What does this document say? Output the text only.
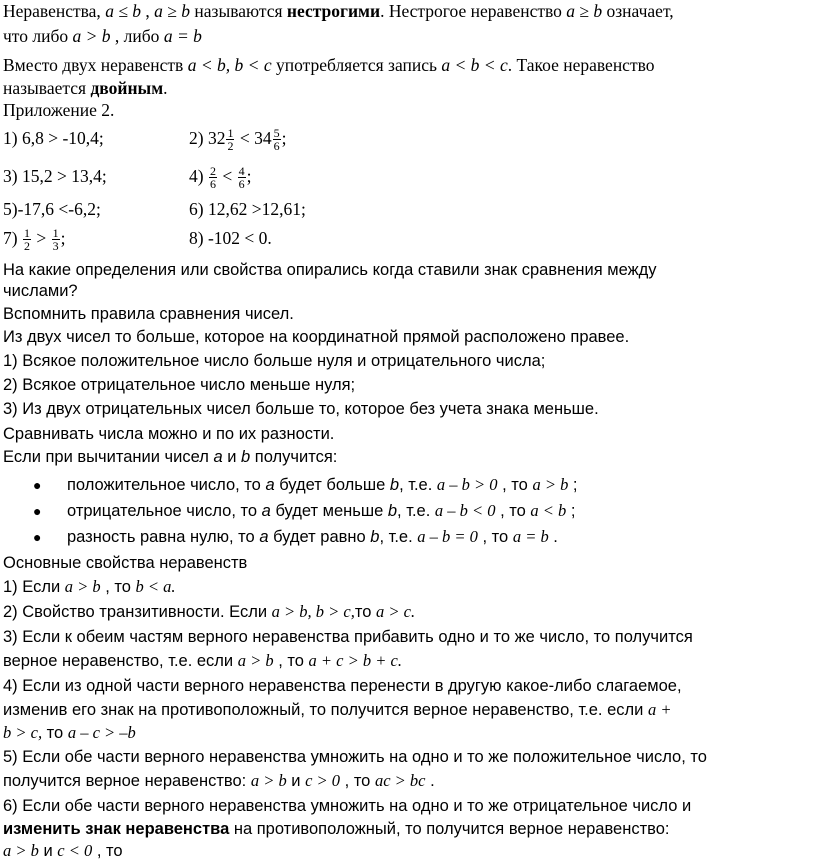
Неравенства, a ≤ b , a ≥ b называются нестрогими. Нестрогое неравенство a ≥ b означает,
что либо a > b , либо a = b
Вместо двух неравенств a < b, b < c употребляется запись a < b < c. Такое неравенство
называется двойным.
Приложение 2.
1) 6,8 > -10,4;	2) $32 \frac{1}{2} < 34 \frac{5}{6}$ ;
3) 15,2 > 13,4;	$4) \frac{2}{6} < \frac{4}{6}$ ;
5)-17,6 <-6,2;	6) 12,62 >12,61;
$7) \frac{1}{2} > \frac{1}{3}$ ;	8) -102 < 0.
На какие определения или свойства опирались когда ставили знак сравнения между
числами?
Вспомнить правила сравнения чисел.
Из двух чисел то больше, которое на координатной прямой расположено правее.
1) Всякое положительное число больше нуля и отрицательного числа;
2) Всякое отрицательное число меньше нуля;
3) Из двух отрицательных чисел больше то, которое без учета знака меньше.
Сравнивать числа можно и по их разности.
Если при вычитании чисел a и b получится:
● положительное число, то a будет больше b, т.е. a – b > 0 , то a > b ;
● отрицательное число, то a будет меньше b, т.е. a – b < 0 , то a < b ;
● разность равна нулю, то a будет равно b, т.е. a – b = 0 , то a = b .
Основные свойства неравенств
1) Если a > b , то b < a.
2) Свойство транзитивности. Если a > b, b > c,то a > c.
3) Если к обеим частям верного неравенства прибавить одно и то же число, то получится
верное неравенство, т.е. если a > b , то a + c > b + c.
4) Если из одной части верного неравенства перенести в другую какое-либо слагаемое,
изменив его знак на противоположный, то получится верное неравенство, т.е. если a +
b > c, то a – c > –b
5) Если обе части верного неравенства умножить на одно и то же положительное число, то
получится верное неравенство: a > b и c > 0 , то ac > bc .
6) Если обе части верного неравенства умножить на одно и то же отрицательное число и
изменить знак неравенства на противоположный, то получится верное неравенство:
a > b и c < 0 , то
